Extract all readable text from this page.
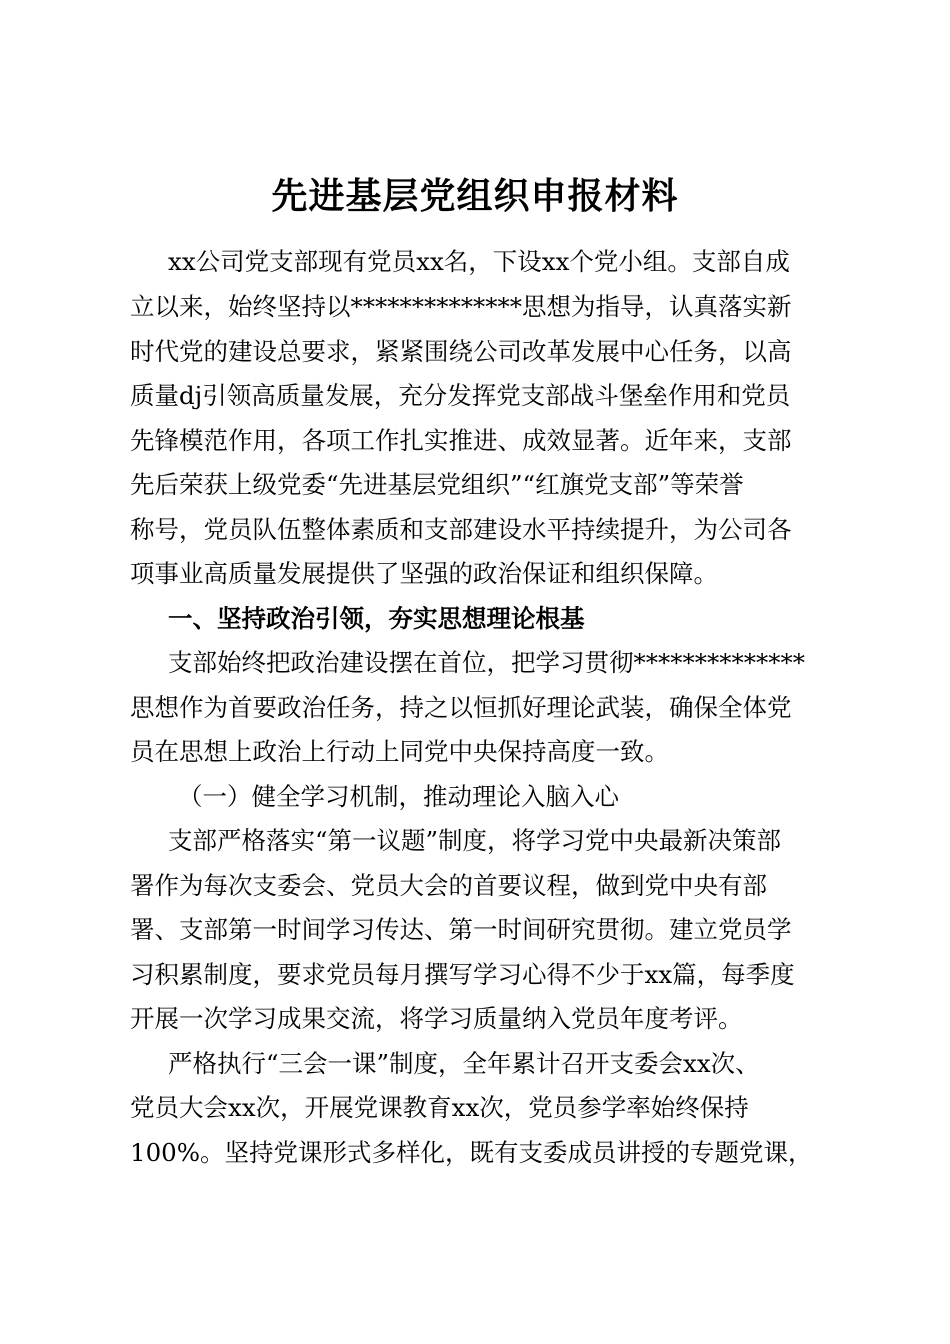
先进基层党组织申报材料
xx公司党支部现有党员xx名，下设xx个党小组。支部自成
立以来，始终坚持以**************思想为指导，认真落实新
时代党的建设总要求，紧紧围绕公司改革发展中心任务，以高
质量dj引领高质量发展，充分发挥党支部战斗堡垒作用和党员
先锋模范作用，各项工作扎实推进、成效显著。近年来，支部
先后荣获上级党委“先进基层党组织”“红旗党支部”等荣誉
称号，党员队伍整体素质和支部建设水平持续提升，为公司各
项事业高质量发展提供了坚强的政治保证和组织保障。
一、坚持政治引领，夯实思想理论根基
支部始终把政治建设摆在首位，把学习贯彻**************
思想作为首要政治任务，持之以恒抓好理论武装，确保全体党
员在思想上政治上行动上同党中央保持高度一致。
（一）健全学习机制，推动理论入脑入心
支部严格落实“第一议题”制度，将学习党中央最新决策部
署作为每次支委会、党员大会的首要议程，做到党中央有部
署、支部第一时间学习传达、第一时间研究贯彻。建立党员学
习积累制度，要求党员每月撰写学习心得不少于xx篇，每季度
开展一次学习成果交流，将学习质量纳入党员年度考评。
严格执行“三会一课”制度，全年累计召开支委会xx次、
党员大会xx次，开展党课教育xx次，党员参学率始终保持
100%。坚持党课形式多样化，既有支委成员讲授的专题党课，
